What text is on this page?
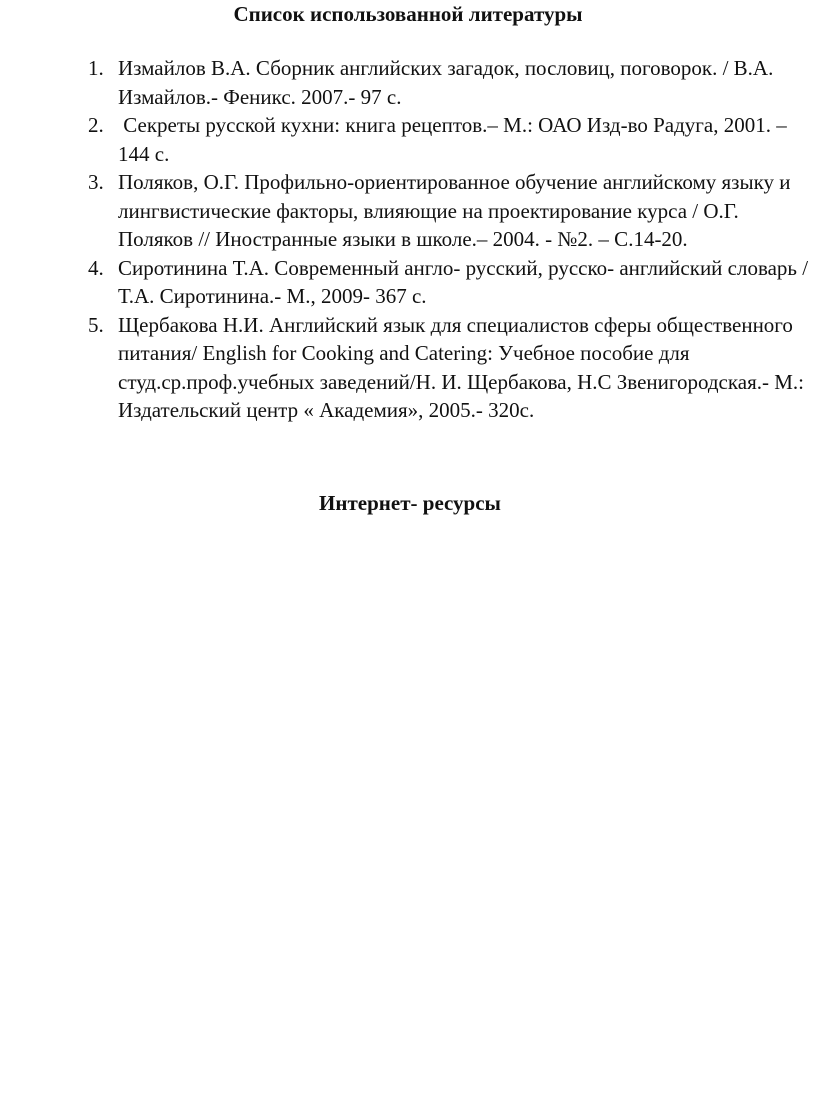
Список использованной литературы
1. Измайлов В.А. Сборник английских загадок, пословиц, поговорок. / В.А. Измайлов.- Феникс. 2007.- 97 с.
2. Секреты русской кухни: книга рецептов.– М.: ОАО Изд-во Радуга, 2001. – 144 с.
3. Поляков, О.Г. Профильно-ориентированное обучение английскому языку и лингвистические факторы, влияющие на проектирование курса / О.Г. Поляков // Иностранные языки в школе.– 2004. - №2. – С.14-20.
4. Сиротинина Т.А. Современный англо- русский, русско- английский словарь / Т.А. Сиротинина.- М., 2009- 367 с.
5. Щербакова Н.И. Английский язык для специалистов сферы общественного питания/ English for Cooking and Catering: Учебное пособие для студ.ср.проф.учебных заведений/Н. И. Щербакова, Н.С Звенигородская.- М.: Издательский центр « Академия», 2005.- 320с.
Интернет- ресурсы
